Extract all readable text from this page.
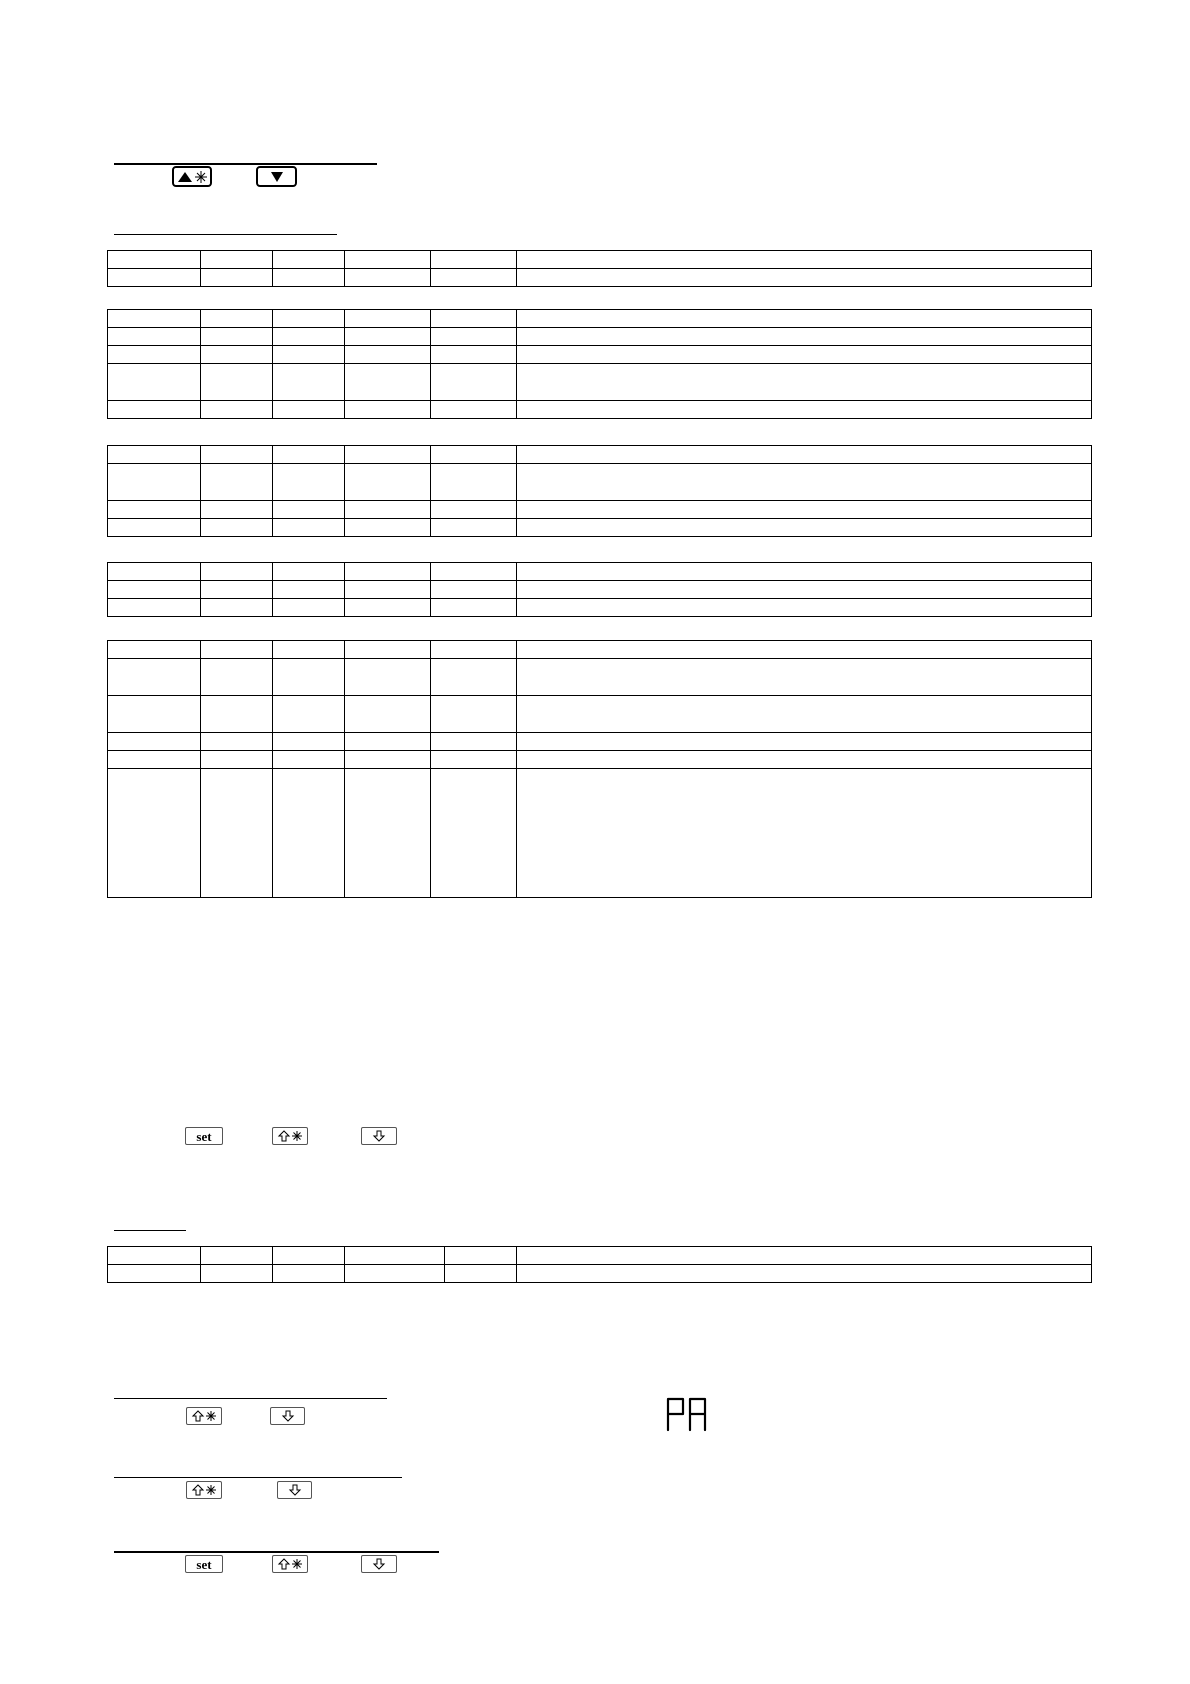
set

set
